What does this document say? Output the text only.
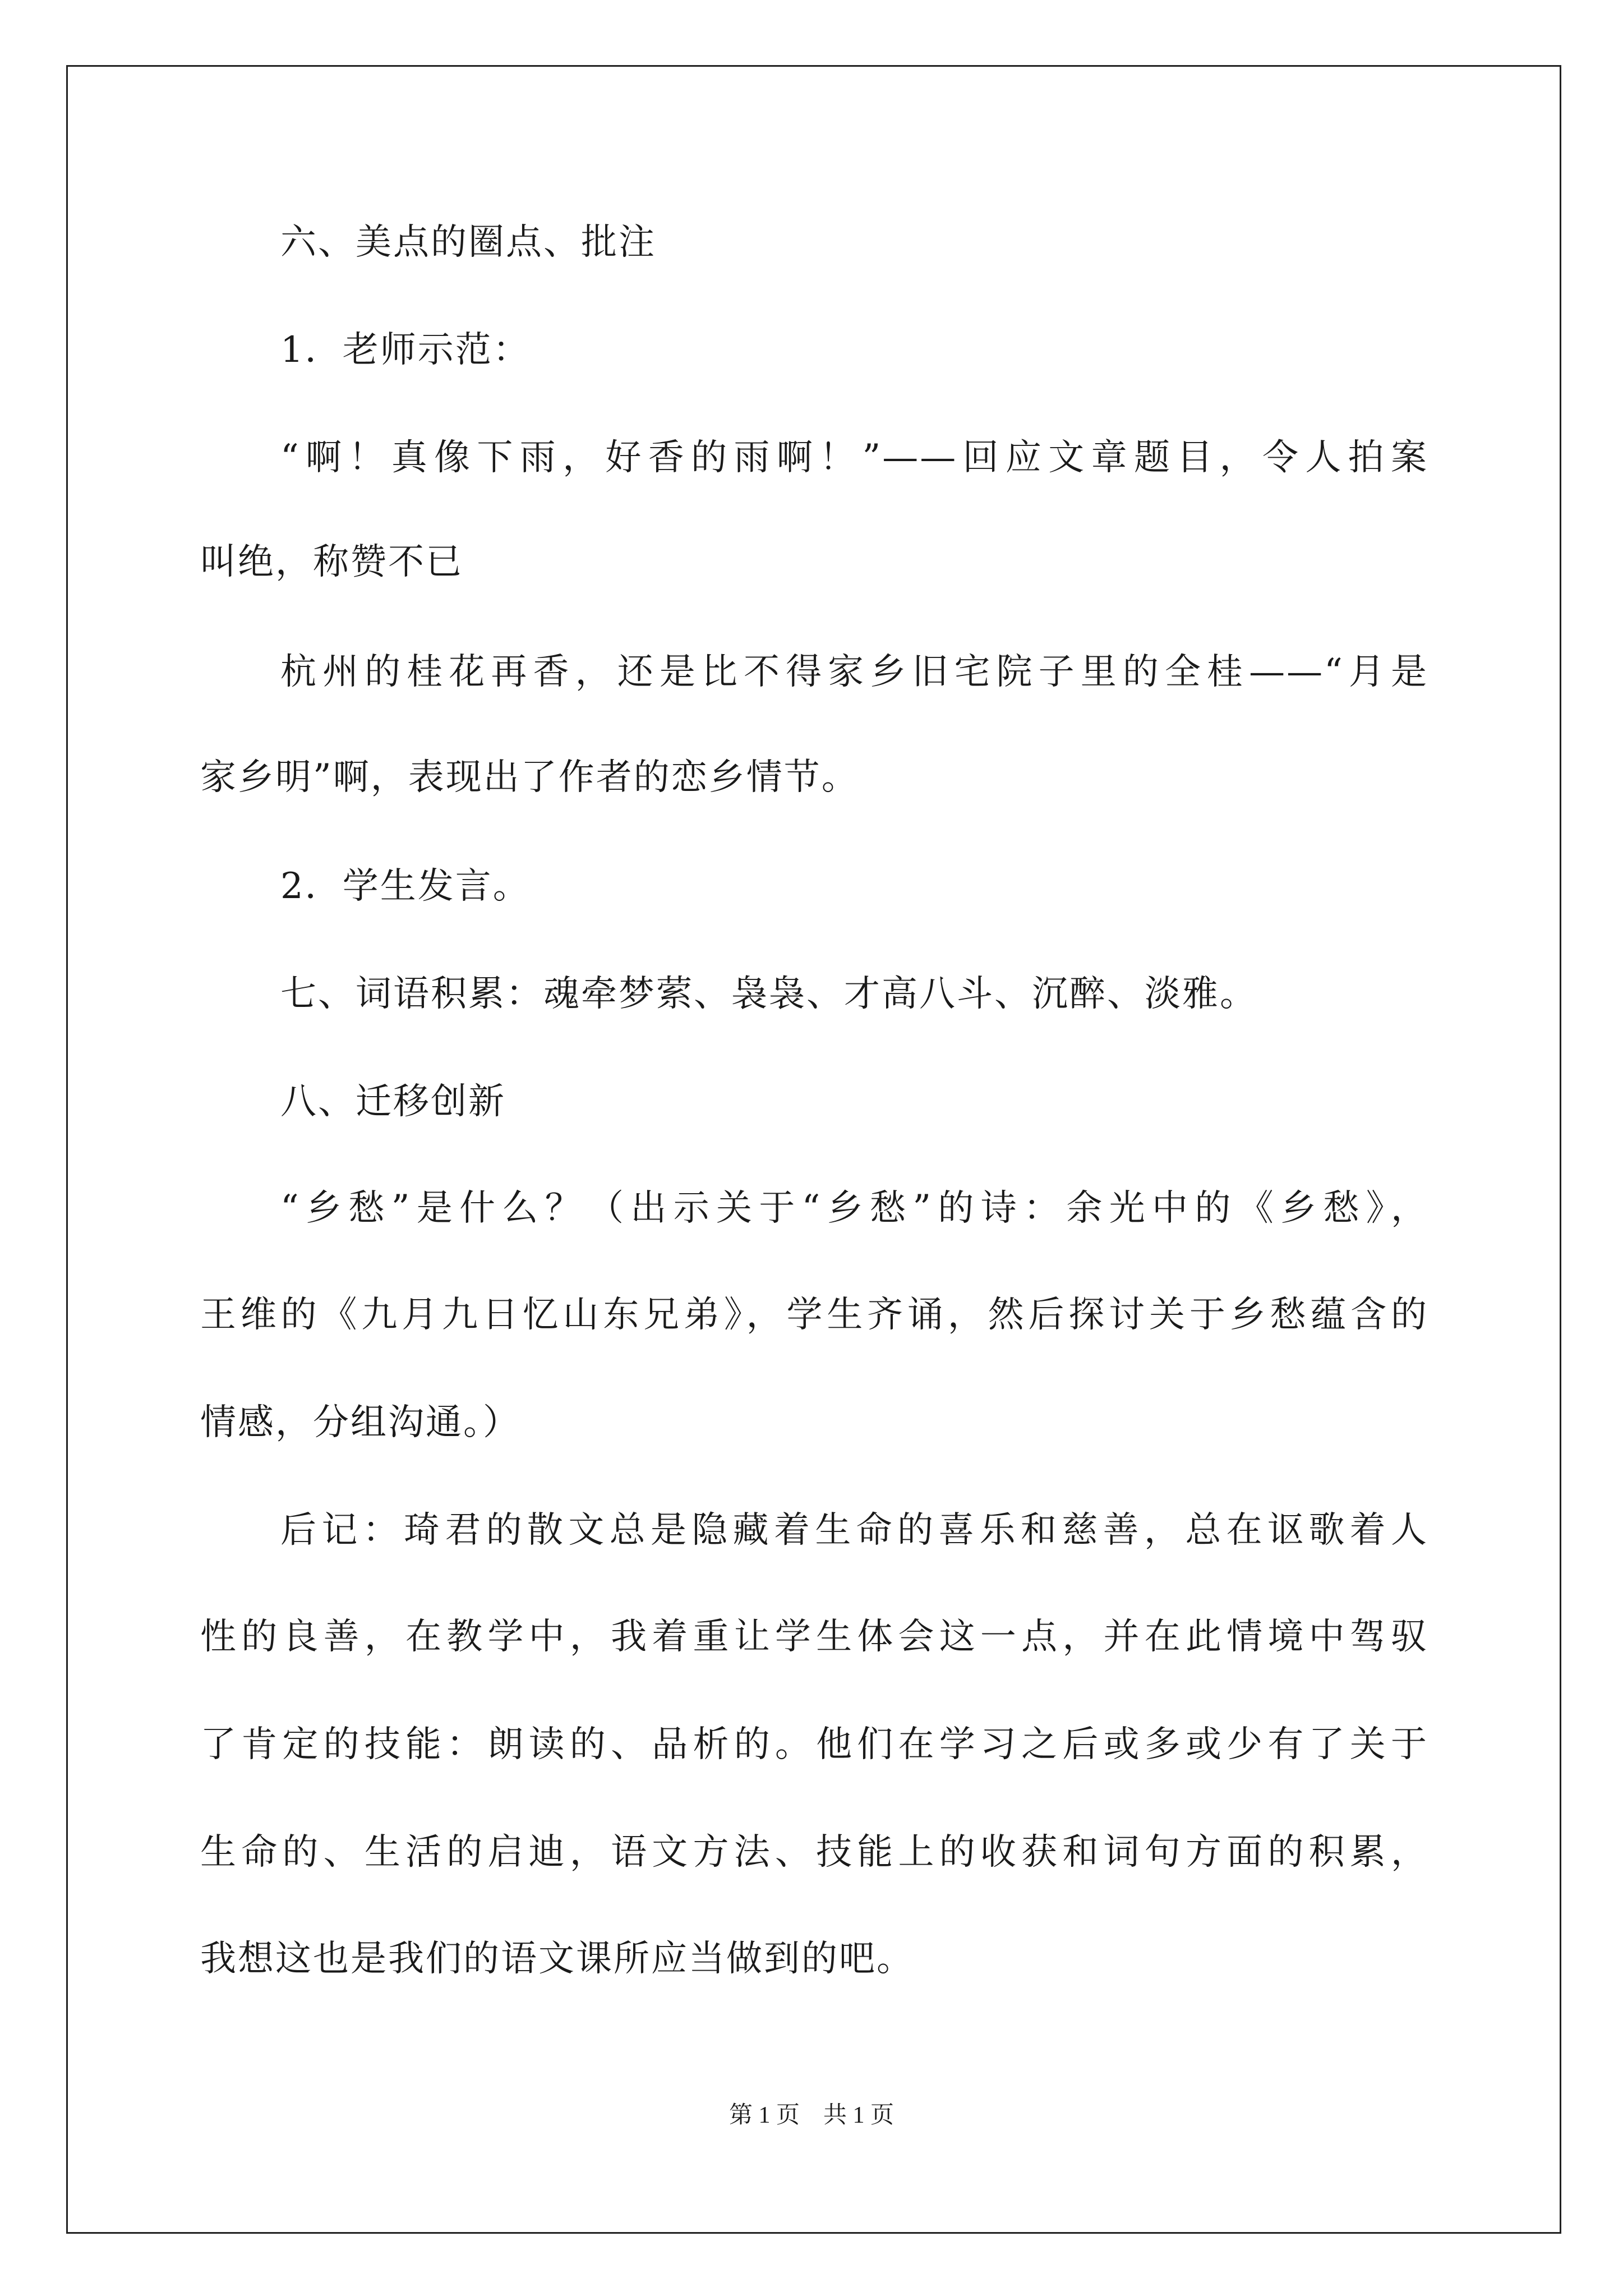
六、美点的圈点、批注
1．老师示范：
“啊！真像下雨，好香的雨啊！”——回应文章题目，令人拍案
叫绝，称赞不已
杭州的桂花再香，还是比不得家乡旧宅院子里的全桂——“月是
家乡明”啊，表现出了作者的恋乡情节。
2．学生发言。
七、词语积累：魂牵梦萦、袅袅、才高八斗、沉醉、淡雅。
八、迁移创新
“乡愁”是什么？（出示关于“乡愁”的诗：余光中的《乡愁》，
王维的《九月九日忆山东兄弟》，学生齐诵，然后探讨关于乡愁蕴含的
情感，分组沟通。）
后记：琦君的散文总是隐藏着生命的喜乐和慈善，总在讴歌着人
性的良善，在教学中，我着重让学生体会这一点，并在此情境中驾驭
了肯定的技能：朗读的、品析的。他们在学习之后或多或少有了关于
生命的、生活的启迪，语文方法、技能上的收获和词句方面的积累，
我想这也是我们的语文课所应当做到的吧。
第 1 页　共 1 页
